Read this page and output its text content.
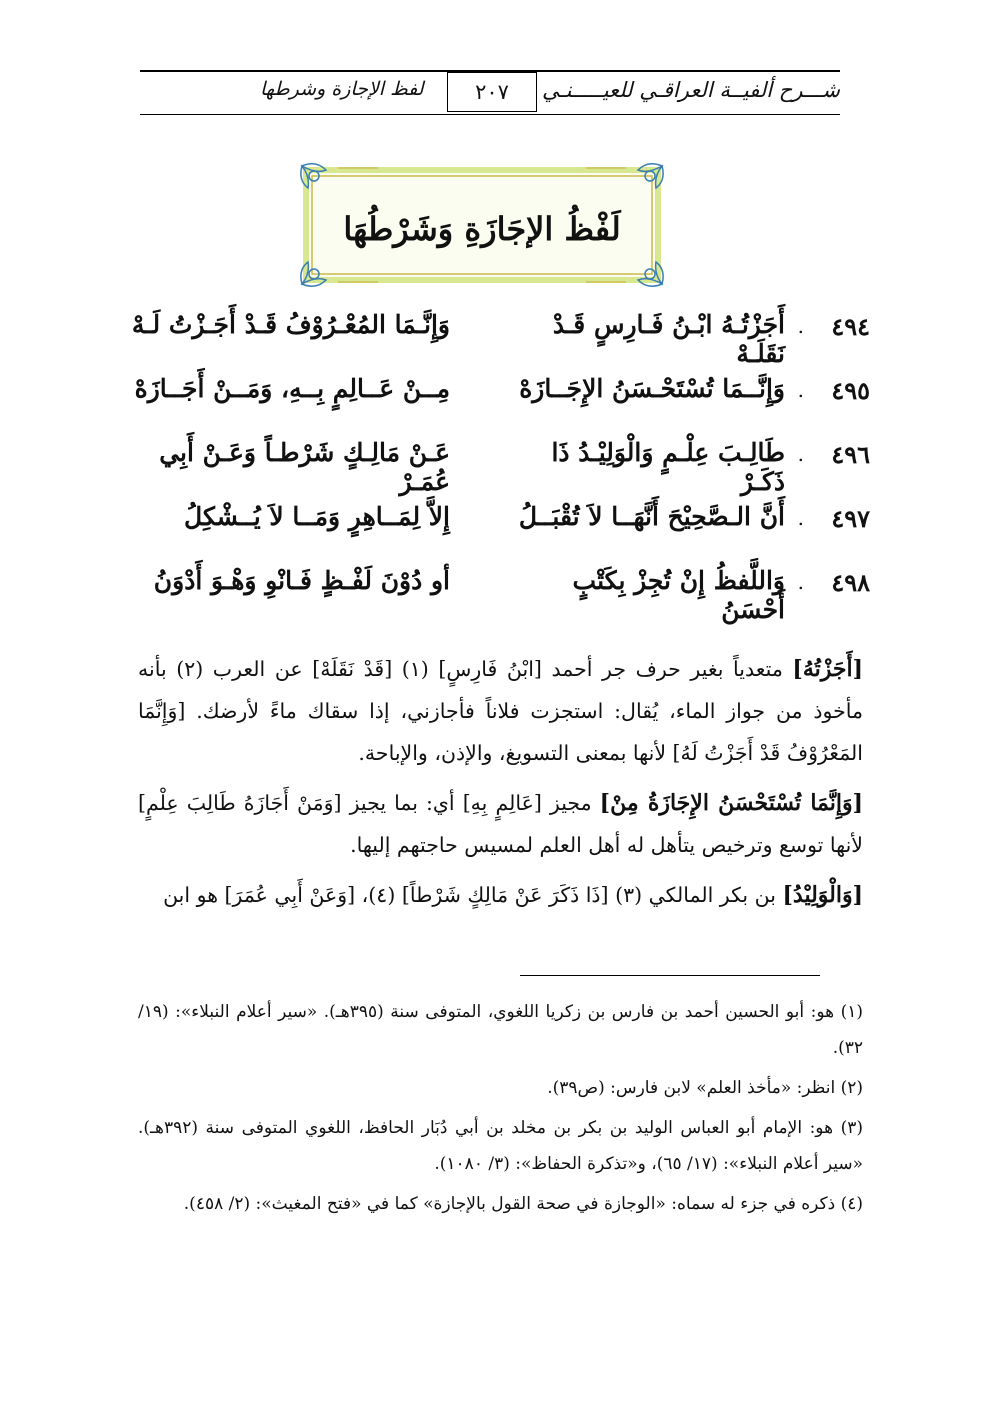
شـــرح ألفيــة العراقـي للعيـــــنـي
٢٠٧
لفظ الإجازة وشرطها
لَفْظُ الإجَازَةِ وَشَرْطُهَا
٤٩٤
.
أَجَزْتُـهُ ابْـنُ فَـارِسٍ قَـدْ نَقَلَـهْ
وَإِنَّـمَا المُعْـرُوْفُ قَـدْ أَجَـزْتُ لَـهْ
٤٩٥
.
وَإِنَّــمَا تُسْتَحْـسَنُ الإِجَــازَهْ
مِــنْ عَــالِمٍ بِــهِ، وَمَــنْ أَجَــازَهْ
٤٩٦
.
طَالِـبَ عِلْـمٍ وَالْوَلِيْـدُ ذَا ذَكَـرْ
عَـنْ مَالِـكٍ شَرْطـاً وَعَـنْ أَبِي عُمَـرْ
٤٩٧
.
أَنَّ الـصَّحِيْحَ أَنَّهَــا لاَ تُقْبَــلُ
إِلاَّ لِمَــاهِرٍ وَمَــا لاَ يُــشْكِلُ
٤٩٨
.
وَاللَّفظُ إِنْ تُجِزْ بِكَتْبٍ أَحْسَنُ
أو دُوْنَ لَفْـظٍ فَـانْوِ وَهْـوَ أَدْوَنُ

[أَجَزْتُهُ] متعدياً بغير حرف جر أحمد [ابْنُ فَارِسٍ] (١) [قَدْ نَقَلَهْ] عن العرب (٢) بأنه مأخوذ من جواز الماء، يُقال: استجزت فلاناً فأجازني، إذا سقاك ماءً لأرضك. [وَإِنَّمَا المَعْرُوْفُ قَدْ أَجَزْتُ لَهُ] لأنها بمعنى التسويغ، والإذن، والإباحة.

[وَإِنَّمَا تُسْتَحْسَنُ الإِجَازَةُ مِنْ] مجيز [عَالِمٍ بِهِ] أي: بما يجيز [وَمَنْ أَجَازَهُ طَالِبَ عِلْمٍ] لأنها توسع وترخيص يتأهل له أهل العلم لمسيس حاجتهم إليها.

[وَالْوَلِيْدُ] بن بكر المالكي (٣) [ذَا ذَكَرَ عَنْ مَالِكٍ شَرْطاً] (٤)، [وَعَنْ أَبِي عُمَرَ] هو ابن

(١) هو: أبو الحسين أحمد بن فارس بن زكريا اللغوي، المتوفى سنة (٣٩٥هـ). «سير أعلام النبلاء»: (١٩/ ٣٢).

(٢) انظر: «مأخذ العلم» لابن فارس: (ص٣٩).

(٣) هو: الإمام أبو العباس الوليد بن بكر بن مخلد بن أبي دُبَار الحافظ، اللغوي المتوفى سنة (٣٩٢هـ). «سير أعلام النبلاء»: (١٧/ ٦٥)، و«تذكرة الحفاظ»: (٣/ ١٠٨٠).

(٤) ذكره في جزء له سماه: «الوجازة في صحة القول بالإجازة» كما في «فتح المغيث»: (٢/ ٤٥٨).
